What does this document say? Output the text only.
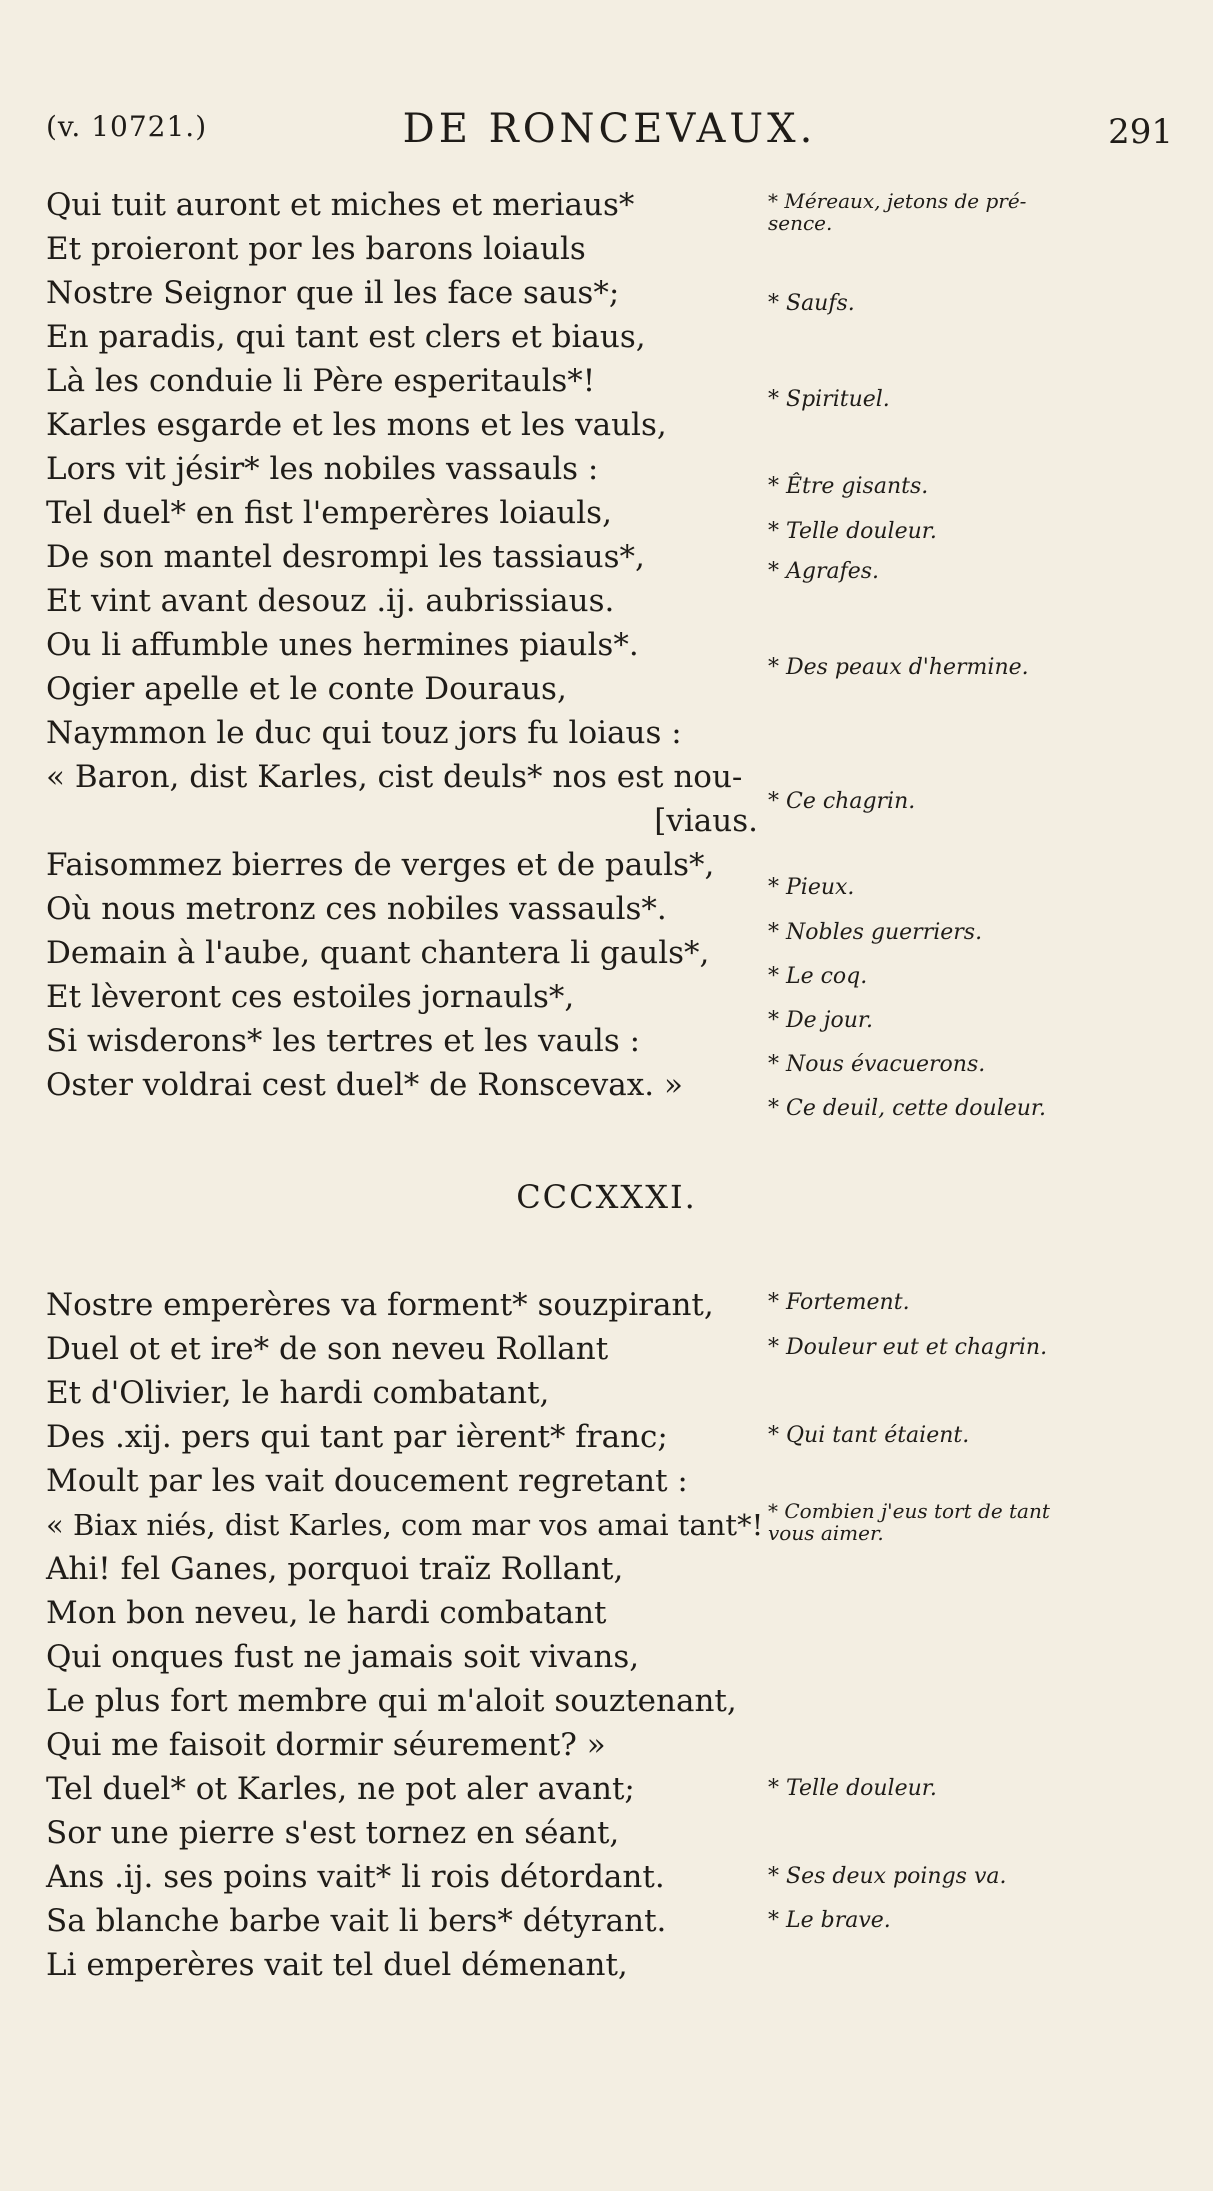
(v. 10721.)	DE RONCEVAUX.	291
Qui tuit auront et miches et meriaus*
Et proieront por les barons loiauls
Nostre Seignor que il les face saus*;
En paradis, qui tant est clers et biaus,
Là les conduie li Père esperitauls*!
Karles esgarde et les mons et les vauls,
Lors vit jésir* les nobiles vassauls :
Tel duel* en fist l'emperères loiauls,
De son mantel desrompi les tassiaus*,
Et vint avant desouz .ij. aubrissiaus.
Ou li affumble unes hermines piauls*.
Ogier apelle et le conte Douraus,
Naymmon le duc qui touz jors fu loiaus :
« Baron, dist Karles, cist deuls* nos est nou-
[viaus.
Faisommez bierres de verges et de pauls*,
Où nous metronz ces nobiles vassauls*.
Demain à l'aube, quant chantera li gauls*,
Et lèveront ces estoiles jornauls*,
Si wisderons* les tertres et les vauls :
Oster voldrai cest duel* de Ronscevax. »
* Méreaux, jetons de pré-sence.
* Saufs.
* Spirituel.
* Être gisants.
* Telle douleur.
* Agrafes.
* Des peaux d'hermine.
* Ce chagrin.
* Pieux.
* Nobles guerriers.
* Le coq.
* De jour.
* Nous évacuerons.
* Ce deuil, cette douleur.
CCCXXXI.
Nostre emperères va forment* souzpirant,
Duel ot et ire* de son neveu Rollant
Et d'Olivier, le hardi combatant,
Des .xij. pers qui tant par ièrent* franc;
Moult par les vait doucement regretant :
« Biax niés, dist Karles, com mar vos amai tant*!
Ahi! fel Ganes, porquoi traïz Rollant,
Mon bon neveu, le hardi combatant
Qui onques fust ne jamais soit vivans,
Le plus fort membre qui m'aloit souztenant,
Qui me faisoit dormir séurement? »
Tel duel* ot Karles, ne pot aler avant;
Sor une pierre s'est tornez en séant,
Ans .ij. ses poins vait* li rois détordant.
Sa blanche barbe vait li bers* détyrant.
Li emperères vait tel duel démenant,
* Fortement.
* Douleur eut et chagrin.
* Qui tant étaient.
* Combien j'eus tort de tant vous aimer.
* Telle douleur.
* Ses deux poings va.
* Le brave.
